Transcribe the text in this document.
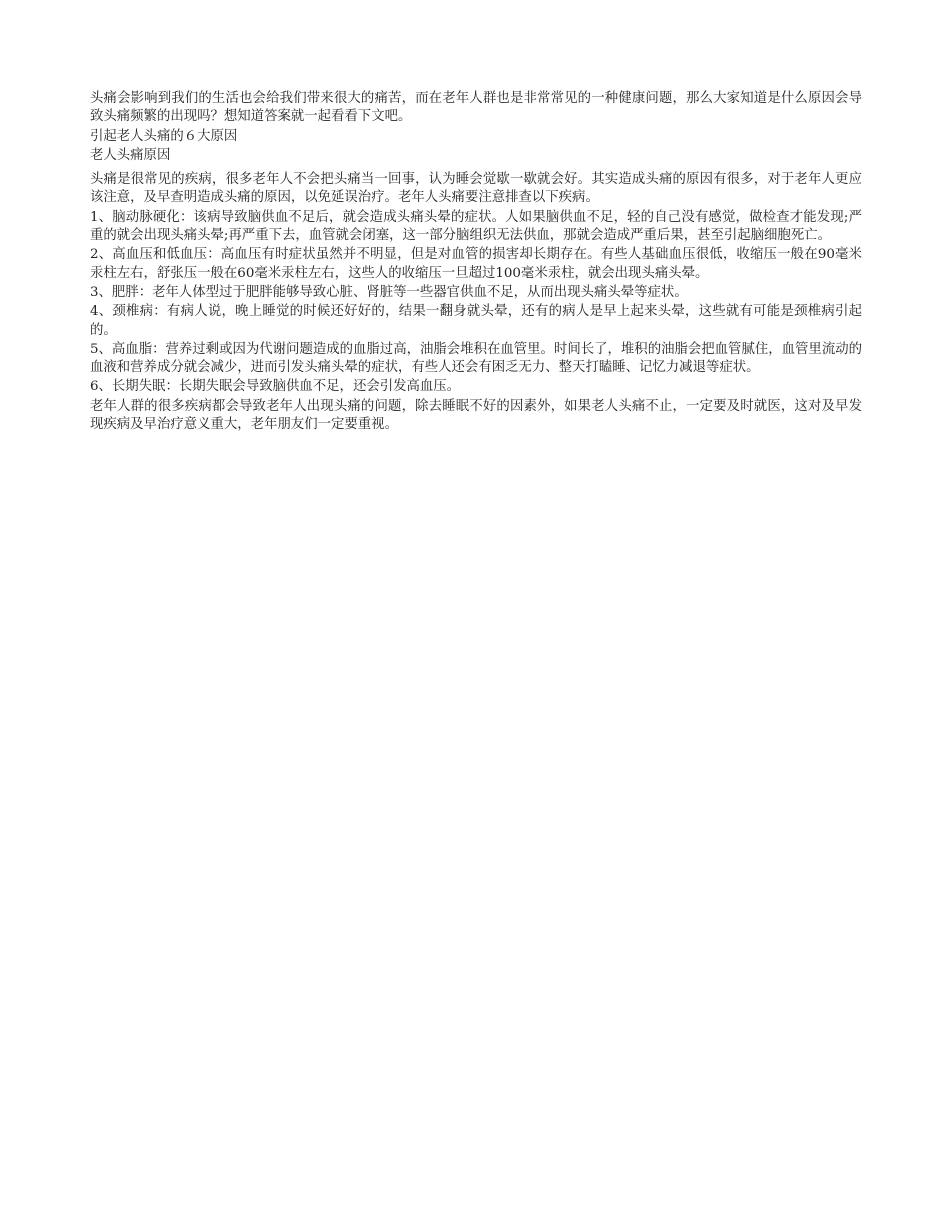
头痛会影响到我们的生活也会给我们带来很大的痛苦，而在老年人群也是非常常见的一种健康问题，那么大家知道是什么原因会导致头痛频繁的出现吗？想知道答案就一起看看下文吧。

引起老人头痛的６大原因

老人头痛原因

头痛是很常见的疾病，很多老年人不会把头痛当一回事，认为睡会觉歇一歇就会好。其实造成头痛的原因有很多，对于老年人更应该注意，及早查明造成头痛的原因，以免延误治疗。老年人头痛要注意排查以下疾病。

1、脑动脉硬化：该病导致脑供血不足后，就会造成头痛头晕的症状。人如果脑供血不足，轻的自己没有感觉，做检查才能发现;严重的就会出现头痛头晕;再严重下去，血管就会闭塞，这一部分脑组织无法供血，那就会造成严重后果，甚至引起脑细胞死亡。

2、高血压和低血压：高血压有时症状虽然并不明显，但是对血管的损害却长期存在。有些人基础血压很低，收缩压一般在90毫米汞柱左右，舒张压一般在60毫米汞柱左右，这些人的收缩压一旦超过100毫米汞柱，就会出现头痛头晕。

3、肥胖：老年人体型过于肥胖能够导致心脏、肾脏等一些器官供血不足，从而出现头痛头晕等症状。

4、颈椎病：有病人说，晚上睡觉的时候还好好的，结果一翻身就头晕，还有的病人是早上起来头晕，这些就有可能是颈椎病引起的。

5、高血脂：营养过剩或因为代谢问题造成的血脂过高，油脂会堆积在血管里。时间长了，堆积的油脂会把血管腻住，血管里流动的血液和营养成分就会减少，进而引发头痛头晕的症状，有些人还会有困乏无力、整天打瞌睡、记忆力减退等症状。

6、长期失眠：长期失眠会导致脑供血不足，还会引发高血压。

老年人群的很多疾病都会导致老年人出现头痛的问题，除去睡眠不好的因素外，如果老人头痛不止，一定要及时就医，这对及早发现疾病及早治疗意义重大，老年朋友们一定要重视。
